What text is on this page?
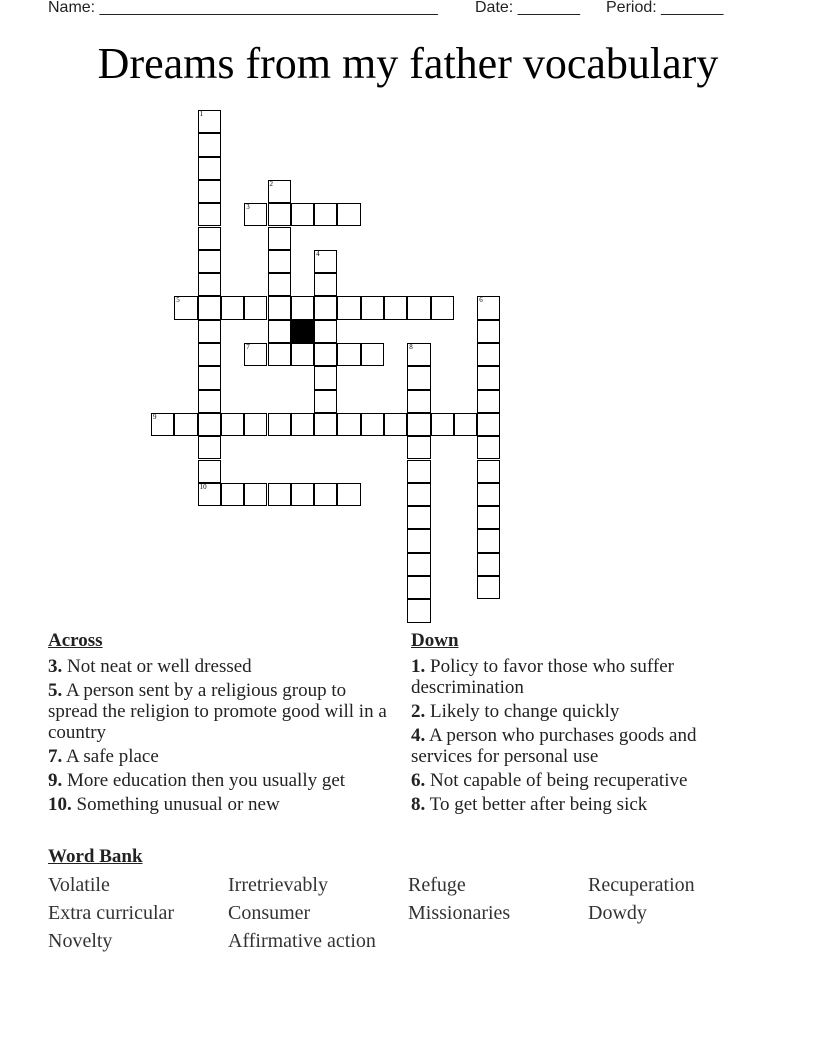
Name: ______________________________________ Date: _______ Period: _______
Dreams from my father vocabulary
1
10
2
3
4
5	6
7	8
9
Across
3. Not neat or well dressed
5. A person sent by a religious group to spread the religion to promote good will in a country
7. A safe place
9. More education then you usually get
10. Something unusual or new
Down
1. Policy to favor those who suffer descrimination
2. Likely to change quickly
4. A person who purchases goods and services for personal use
6. Not capable of being recuperative
8. To get better after being sick
Word Bank
Volatile	Irretrievably	Refuge	Recuperation
Extra curricular	Consumer	Missionaries	Dowdy
Novelty	Affirmative action
